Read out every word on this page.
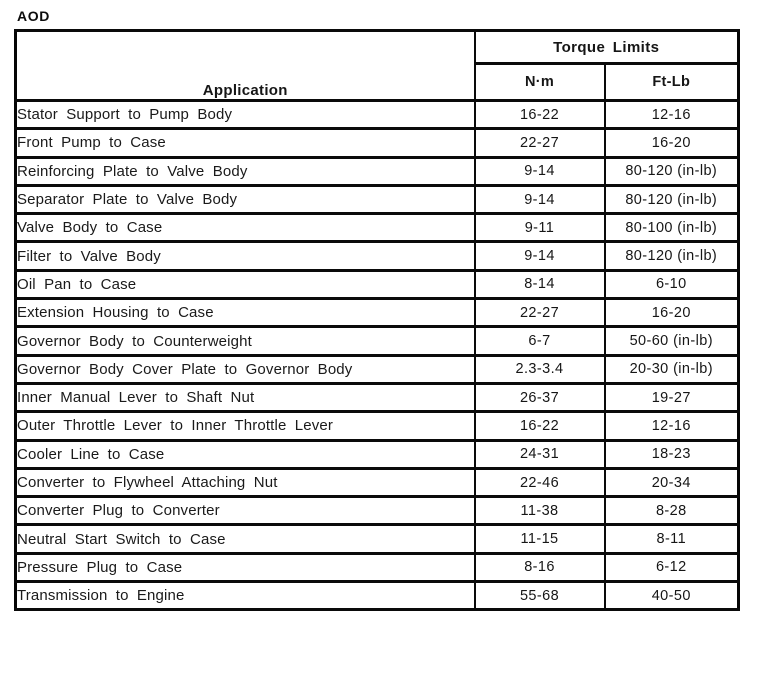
AOD
Application	Torque Limits	
	N·m	Ft-Lb
Stator Support to Pump Body	16-22	12-16
Front Pump to Case	22-27	16-20
Reinforcing Plate to Valve Body	9-14	80-120 (in-lb)
Separator Plate to Valve Body	9-14	80-120 (in-lb)
Valve Body to Case	9-11	80-100 (in-lb)
Filter to Valve Body	9-14	80-120 (in-lb)
Oil Pan to Case	8-14	6-10
Extension Housing to Case	22-27	16-20
Governor Body to Counterweight	6-7	50-60 (in-lb)
Governor Body Cover Plate to Governor Body	2.3-3.4	20-30 (in-lb)
Inner Manual Lever to Shaft Nut	26-37	19-27
Outer Throttle Lever to Inner Throttle Lever	16-22	12-16
Cooler Line to Case	24-31	18-23
Converter to Flywheel Attaching Nut	22-46	20-34
Converter Plug to Converter	11-38	8-28
Neutral Start Switch to Case	11-15	8-11
Pressure Plug to Case	8-16	6-12
Transmission to Engine	55-68	40-50
